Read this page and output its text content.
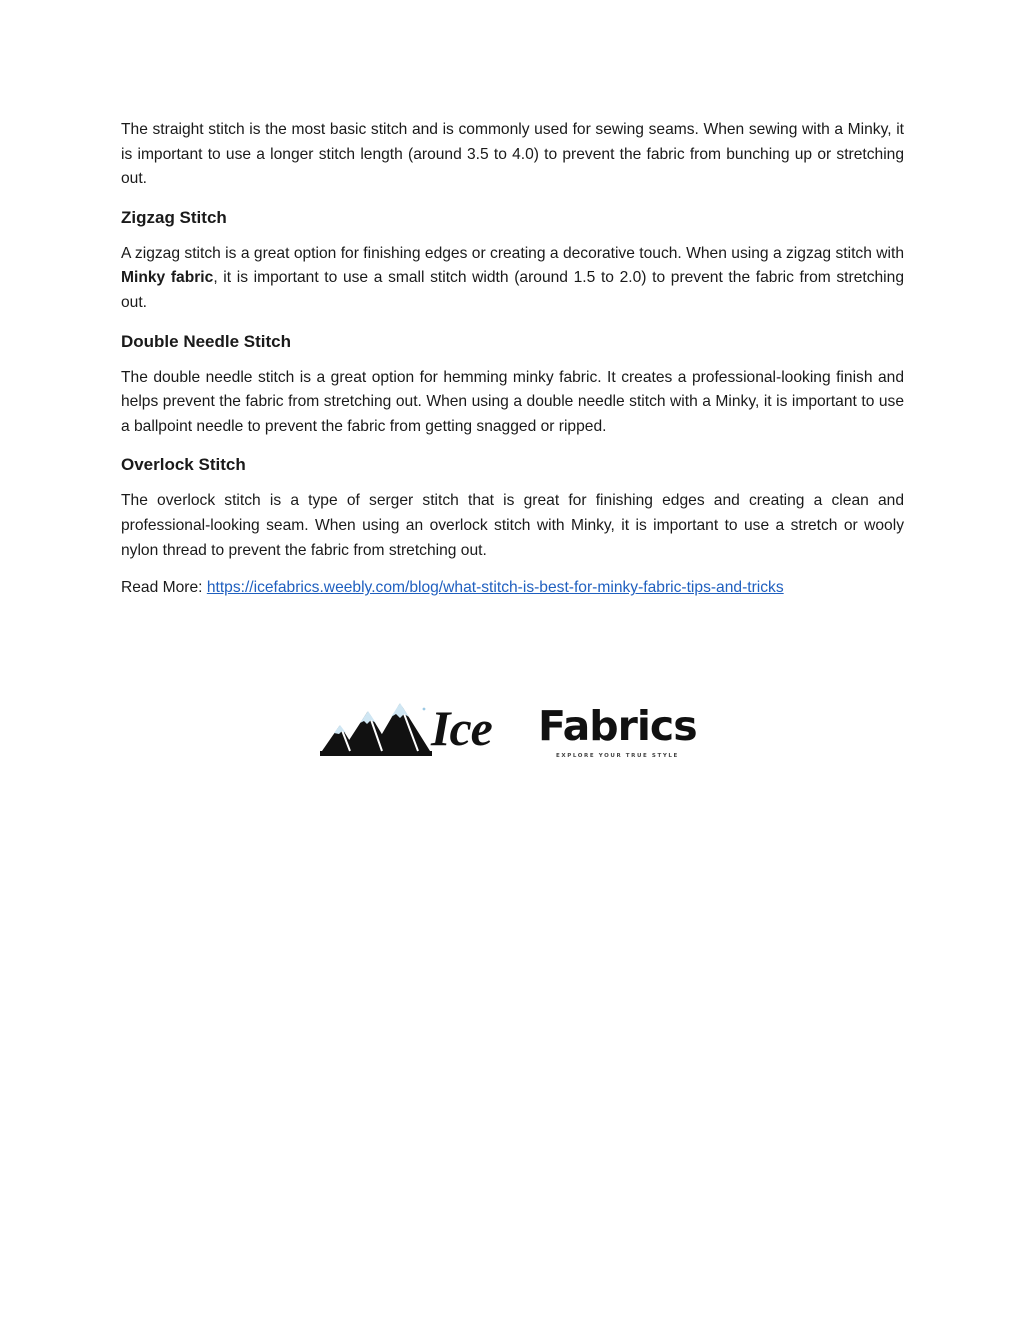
The straight stitch is the most basic stitch and is commonly used for sewing seams. When sewing with a Minky, it is important to use a longer stitch length (around 3.5 to 4.0) to prevent the fabric from bunching up or stretching out.

Zigzag Stitch

A zigzag stitch is a great option for finishing edges or creating a decorative touch. When using a zigzag stitch with Minky fabric, it is important to use a small stitch width (around 1.5 to 2.0) to prevent the fabric from stretching out.

Double Needle Stitch

The double needle stitch is a great option for hemming minky fabric. It creates a professional-looking finish and helps prevent the fabric from stretching out. When using a double needle stitch with a Minky, it is important to use a ballpoint needle to prevent the fabric from getting snagged or ripped.

Overlock Stitch

The overlock stitch is a type of serger stitch that is great for finishing edges and creating a clean and professional-looking seam. When using an overlock stitch with Minky, it is important to use a stretch or wooly nylon thread to prevent the fabric from stretching out.

Read More: https://icefabrics.weebly.com/blog/what-stitch-is-best-for-minky-fabric-tips-and-tricks
Ice Fabrics
EXPLORE YOUR TRUE STYLE
